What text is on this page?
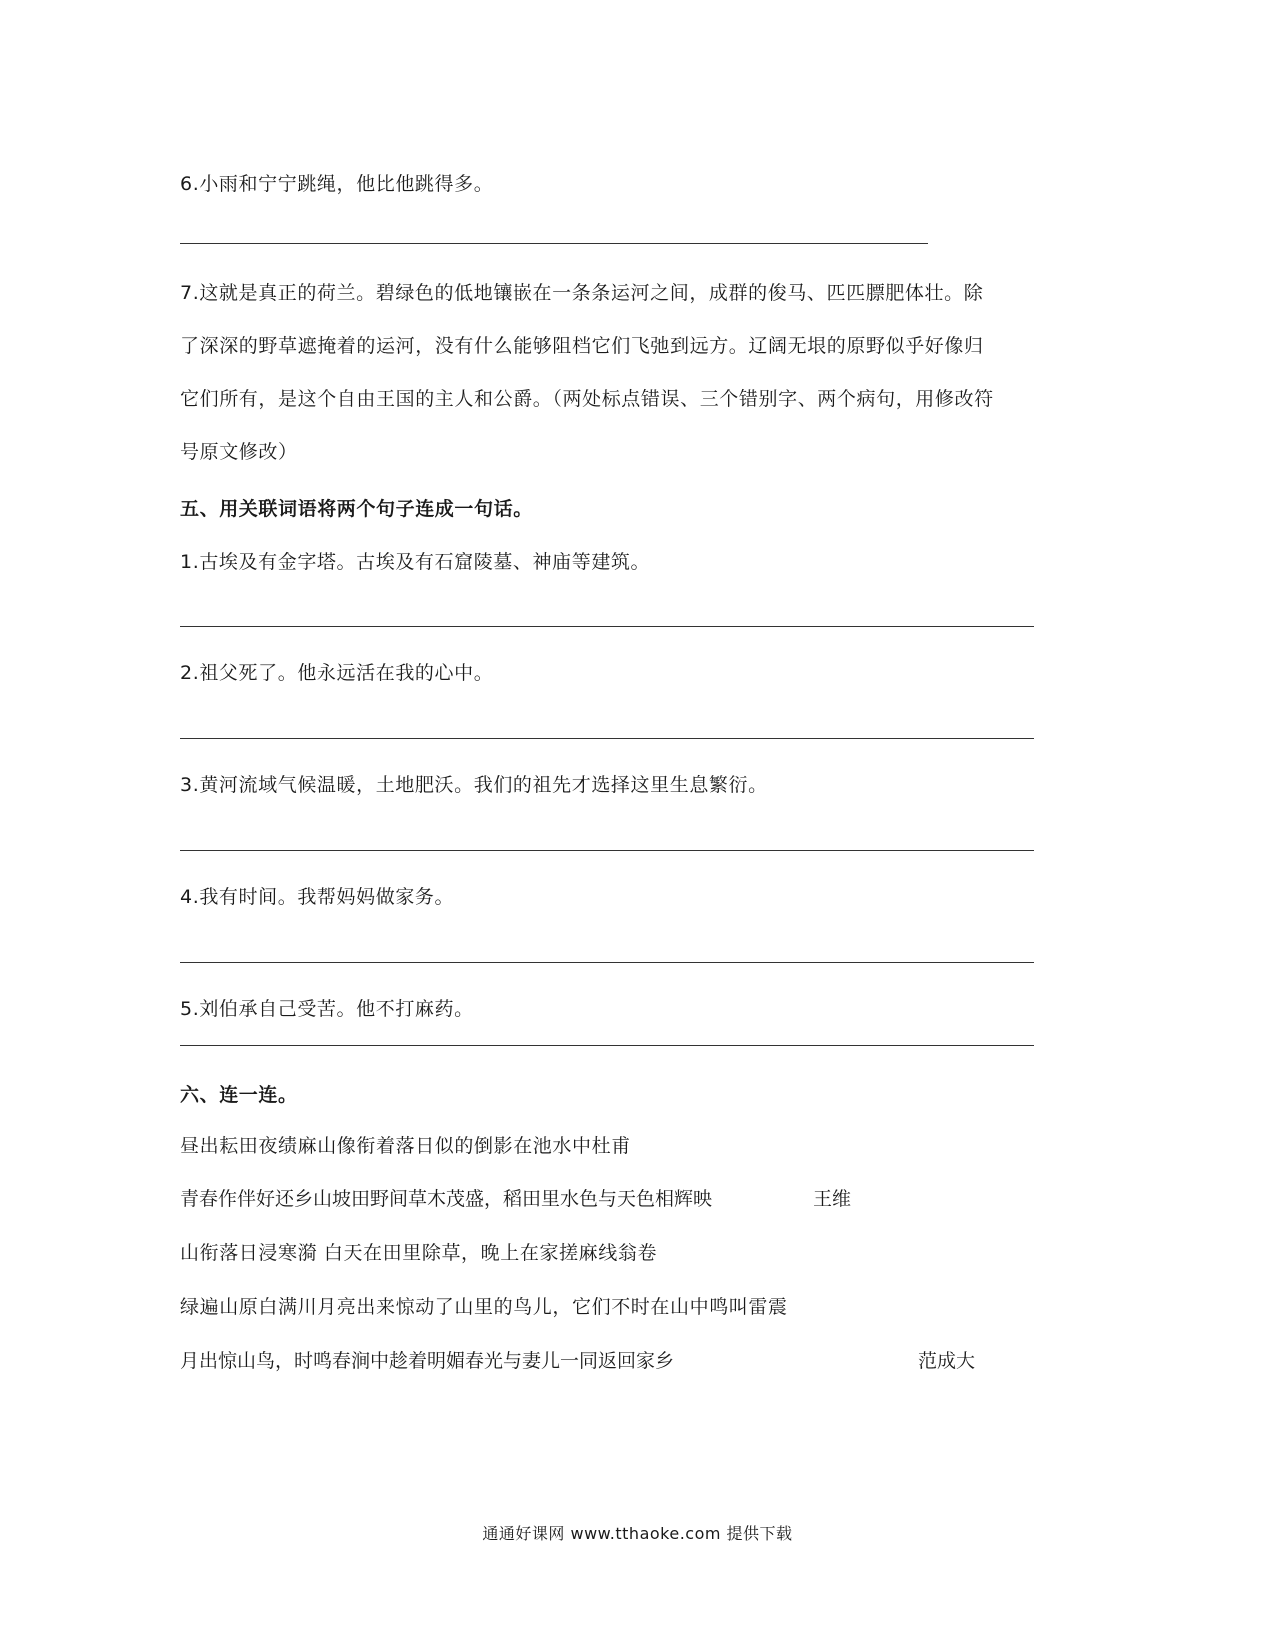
6.小雨和宁宁跳绳，他比他跳得多。
7.这就是真正的荷兰。碧绿色的低地镶嵌在一条条运河之间，成群的俊马、匹匹膘肥体壮。除
了深深的野草遮掩着的运河，没有什么能够阻档它们飞弛到远方。辽阔无垠的原野似乎好像归
它们所有，是这个自由王国的主人和公爵。（两处标点错误、三个错别字、两个病句，用修改符
号原文修改）
五、用关联词语将两个句子连成一句话。
1.古埃及有金字塔。古埃及有石窟陵墓、神庙等建筑。
2.祖父死了。他永远活在我的心中。
3.黄河流域气候温暖，土地肥沃。我们的祖先才选择这里生息繁衍。
4.我有时间。我帮妈妈做家务。
5.刘伯承自己受苦。他不打麻药。
六、连一连。
昼出耘田夜绩麻山像衔着落日似的倒影在池水中杜甫
青春作伴好还乡山坡田野间草木茂盛，稻田里水色与天色相辉映	王维
山衔落日浸寒漪 白天在田里除草，晚上在家搓麻线翁卷
绿遍山原白满川月亮出来惊动了山里的鸟儿，它们不时在山中鸣叫雷震
月出惊山鸟，时鸣春涧中趁着明媚春光与妻儿一同返回家乡	范成大
通通好课网 www.tthaoke.com 提供下载
